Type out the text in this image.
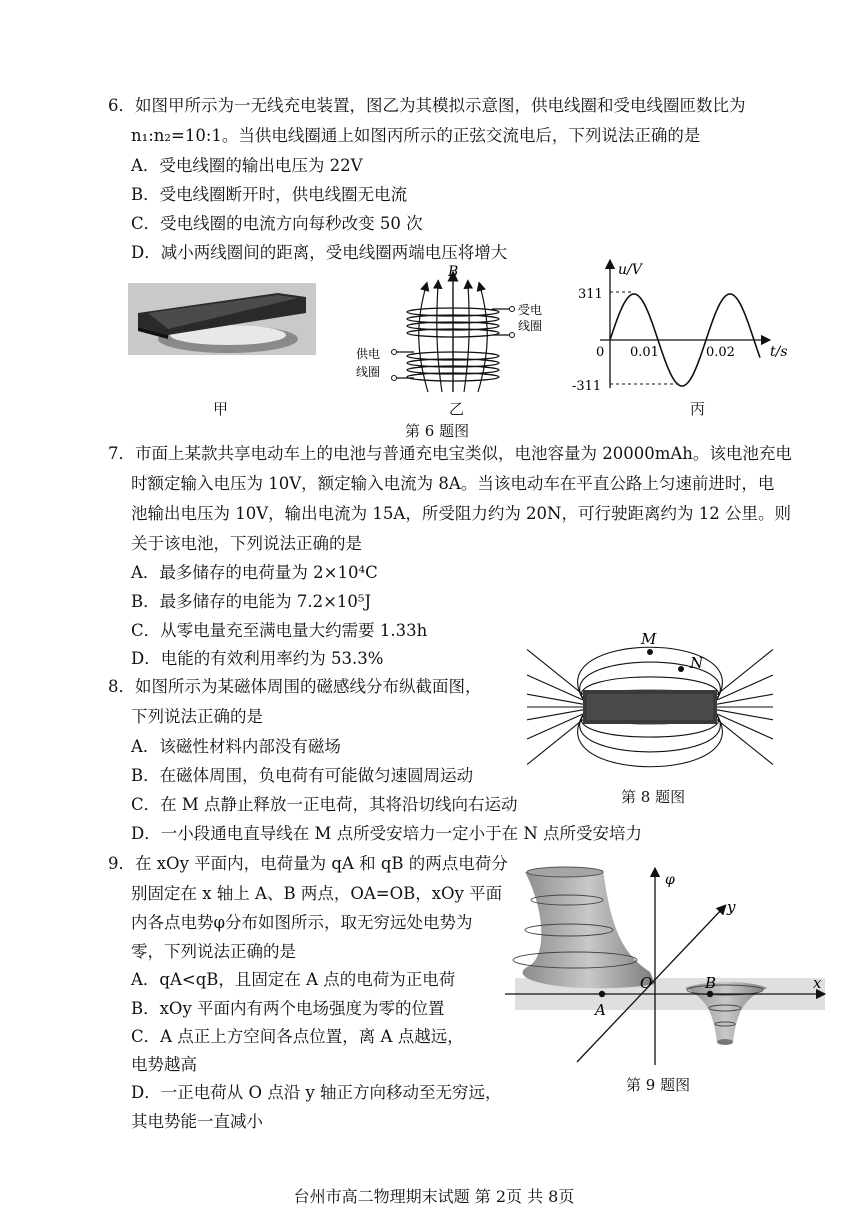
6．如图甲所示为一无线充电装置，图乙为其模拟示意图，供电线圈和受电线圈匝数比为
n₁:n₂=10:1。当供电线圈通上如图丙所示的正弦交流电后，下列说法正确的是
A．受电线圈的输出电压为 22V
B．受电线圈断开时，供电线圈无电流
C．受电线圈的电流方向每秒改变 50 次
D．减小两线圈间的距离，受电线圈两端电压将增大
甲
B
受电
线圈
供电
线圈
乙
u/V
t/s
311
-311
0 0.01	0.02
丙
第 6 题图
7．市面上某款共享电动车上的电池与普通充电宝类似，电池容量为 20000mAh。该电池充电
时额定输入电压为 10V，额定输入电流为 8A。当该电动车在平直公路上匀速前进时，电
池输出电压为 10V，输出电流为 15A，所受阻力约为 20N，可行驶距离约为 12 公里。则
关于该电池，下列说法正确的是
A．最多储存的电荷量为 2×10⁴C
B．最多储存的电能为 7.2×10⁵J
C．从零电量充至满电量大约需要 1.33h
D．电能的有效利用率约为 53.3%
8．如图所示为某磁体周围的磁感线分布纵截面图，
下列说法正确的是
A．该磁性材料内部没有磁场
B．在磁体周围，负电荷有可能做匀速圆周运动
C．在 M 点静止释放一正电荷，其将沿切线向右运动
D．一小段通电直导线在 M 点所受安培力一定小于在 N 点所受安培力
M
N
第 8 题图
9．在 xOy 平面内，电荷量为 qA 和 qB 的两点电荷分
别固定在 x 轴上 A、B 两点，OA=OB，xOy 平面
内各点电势φ分布如图所示，取无穷远处电势为
零，下列说法正确的是
A．qA<qB，且固定在 A 点的电荷为正电荷
B．xOy 平面内有两个电场强度为零的位置
C．A 点正上方空间各点位置，离 A 点越远，
电势越高
D．一正电荷从 O 点沿 y 轴正方向移动至无穷远，
其电势能一直减小
φ
y
x
O
A
B
第 9 题图
台州市高二物理期末试题 第 2页 共 8页
